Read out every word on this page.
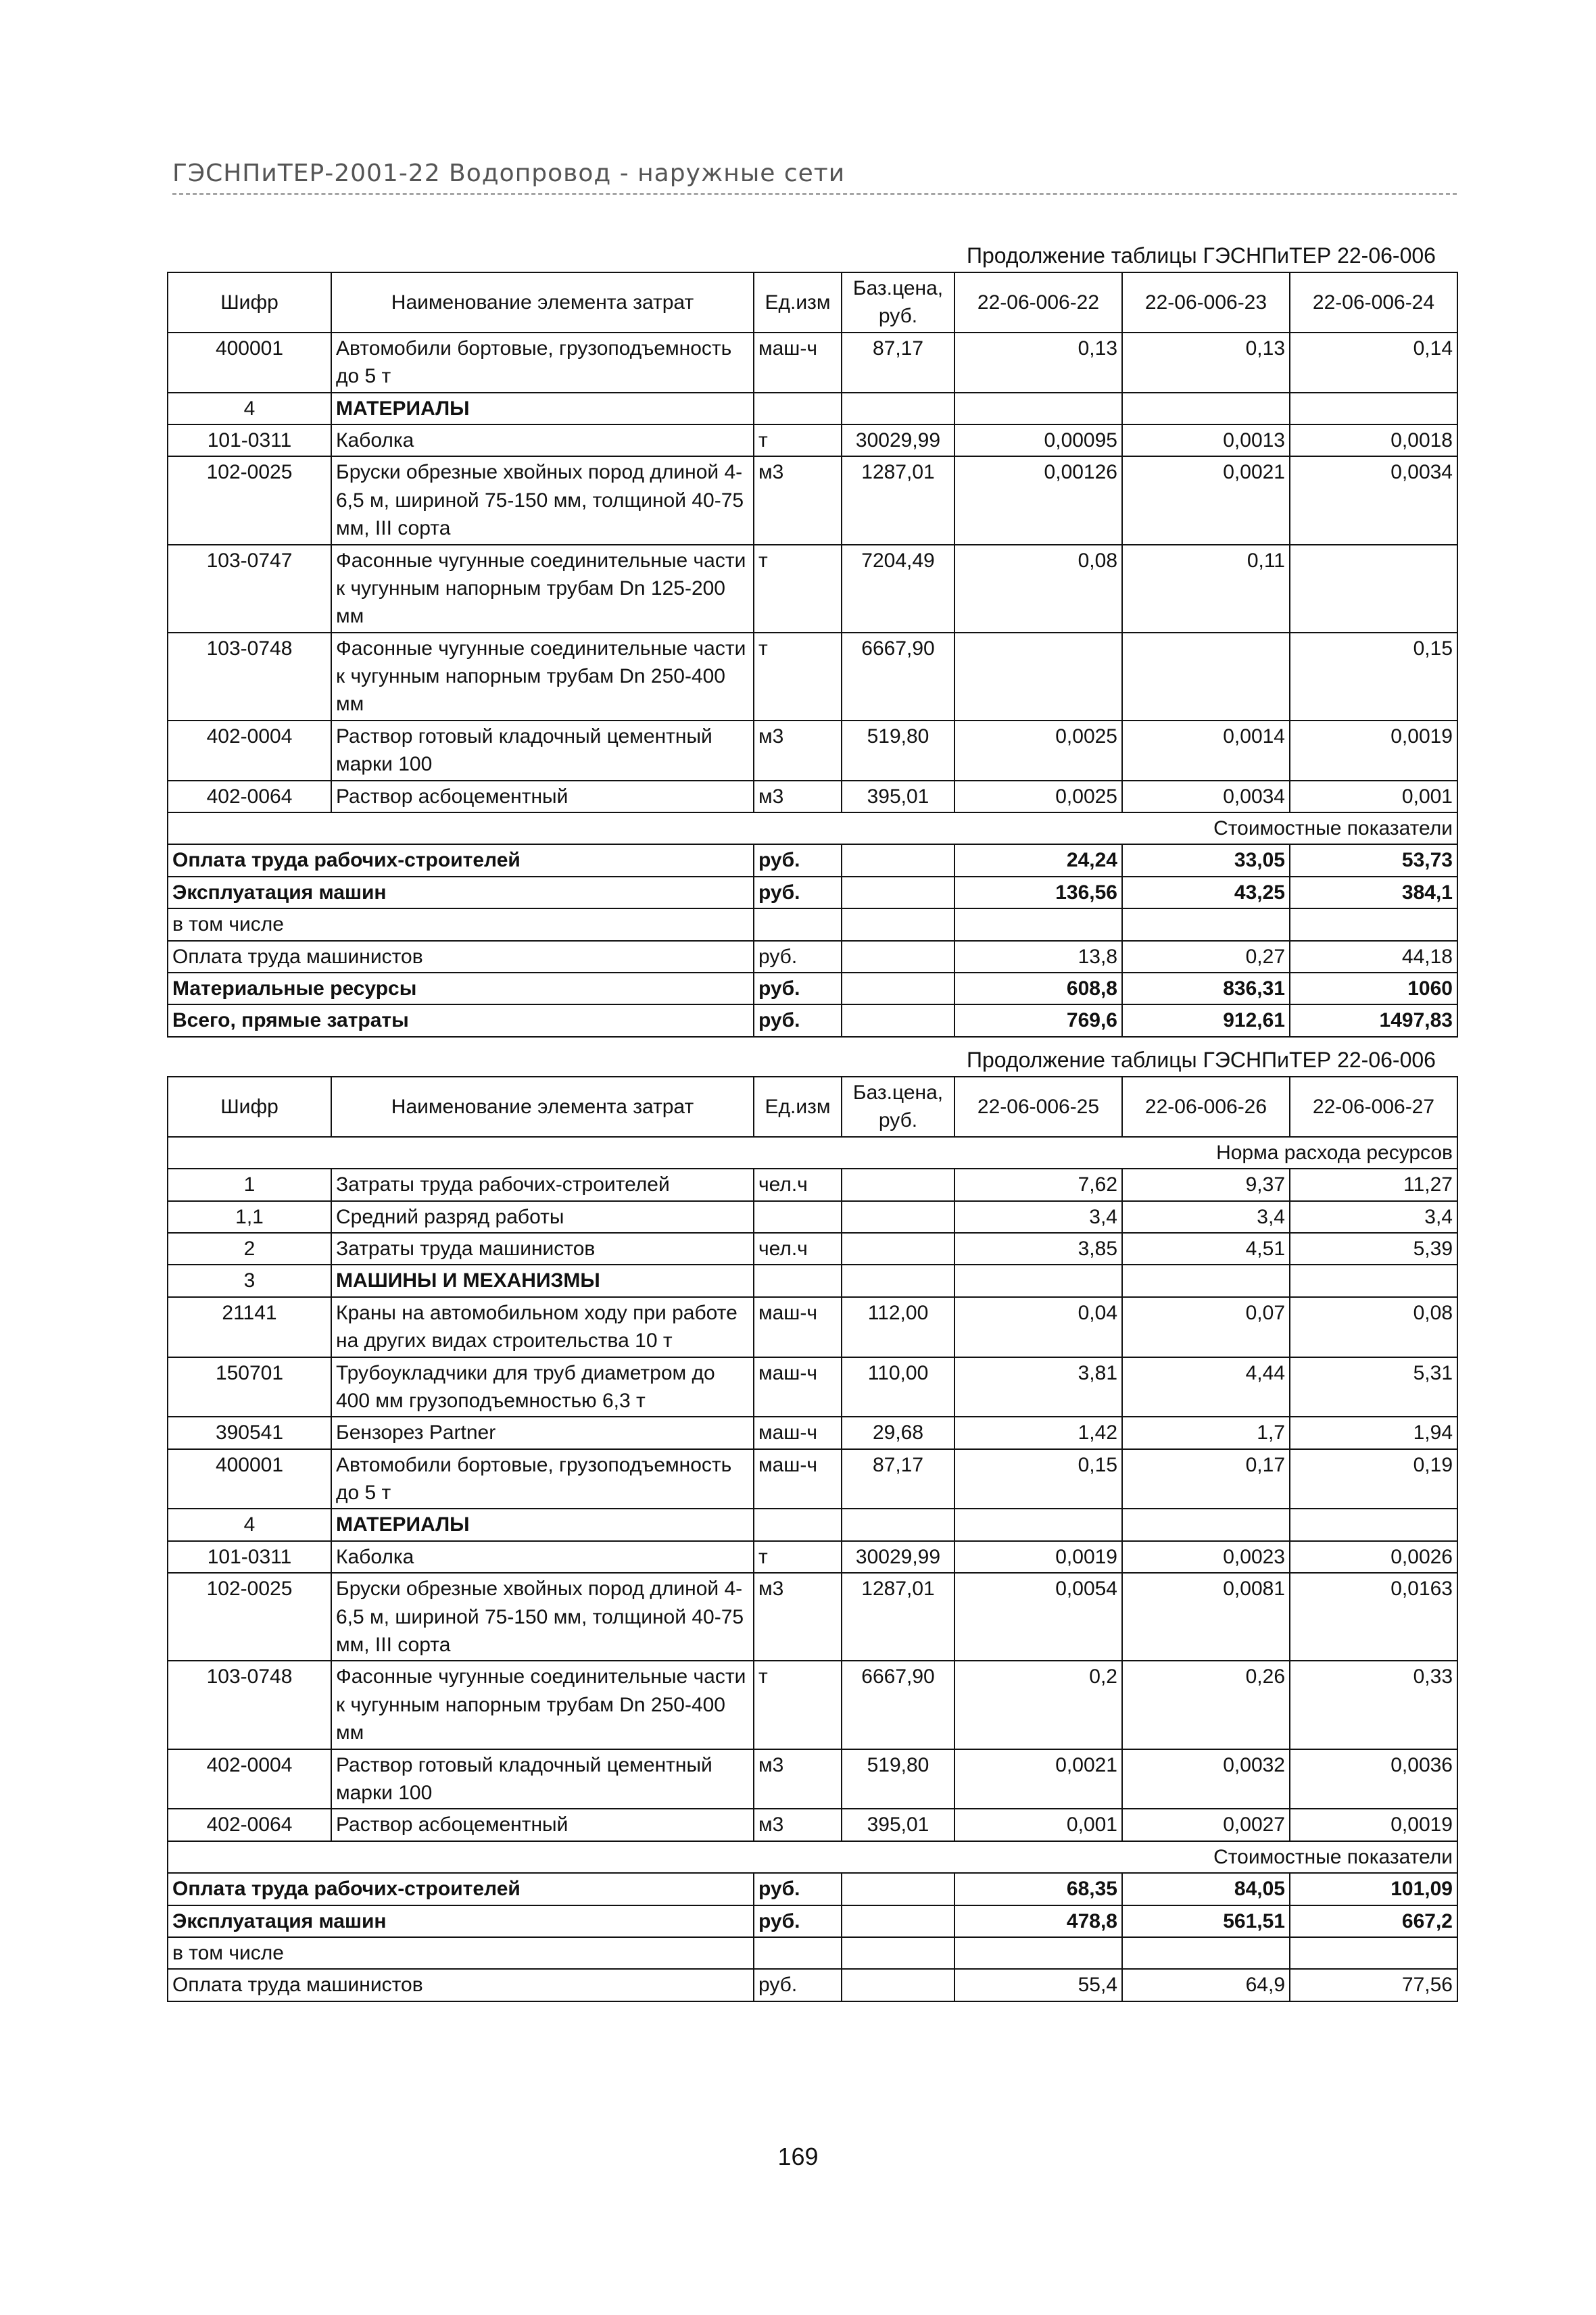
ГЭСНПиТЕР-2001-22 Водопровод - наружные сети
Продолжение таблицы ГЭСНПиТЕР 22-06-006
Шифр	Наименование элемента затрат	Ед.изм	Баз.цена, руб.	22-06-006-22	22-06-006-23	22-06-006-24
400001	Автомобили бортовые, грузоподъемность до 5 т	маш-ч	87,17	0,13	0,13	0,14
4	МАТЕРИАЛЫ					
101-0311	Каболка	т	30029,99	0,00095	0,0013	0,0018
102-0025	Бруски обрезные хвойных пород длиной 4-6,5 м, шириной 75-150 мм, толщиной 40-75 мм, III сорта	м3	1287,01	0,00126	0,0021	0,0034
103-0747	Фасонные чугунные соединительные части к чугунным напорным трубам Dn 125-200 мм	т	7204,49	0,08	0,11	
103-0748	Фасонные чугунные соединительные части к чугунным напорным трубам Dn 250-400 мм	т	6667,90			0,15
402-0004	Раствор готовый кладочный цементный марки 100	м3	519,80	0,0025	0,0014	0,0019
402-0064	Раствор асбоцементный	м3	395,01	0,0025	0,0034	0,001
				Стоимостные показатели		
Оплата труда рабочих-строителей		руб.		24,24	33,05	53,73
Эксплуатация машин		руб.		136,56	43,25	384,1
в том числе						
Оплата труда машинистов		руб.		13,8	0,27	44,18
Материальные ресурсы		руб.		608,8	836,31	1060
Всего, прямые затраты		руб.		769,6	912,61	1497,83
Продолжение таблицы ГЭСНПиТЕР 22-06-006
Шифр	Наименование элемента затрат	Ед.изм	Баз.цена, руб.	22-06-006-25	22-06-006-26	22-06-006-27
				Норма расхода ресурсов		
1	Затраты труда рабочих-строителей	чел.ч		7,62	9,37	11,27
1,1	Средний разряд работы			3,4	3,4	3,4
2	Затраты труда машинистов	чел.ч		3,85	4,51	5,39
3	МАШИНЫ И МЕХАНИЗМЫ					
21141	Краны на автомобильном ходу при работе на других видах строительства 10 т	маш-ч	112,00	0,04	0,07	0,08
150701	Трубоукладчики для труб диаметром до 400 мм грузоподъемностью 6,3 т	маш-ч	110,00	3,81	4,44	5,31
390541	Бензорез Partner	маш-ч	29,68	1,42	1,7	1,94
400001	Автомобили бортовые, грузоподъемность до 5 т	маш-ч	87,17	0,15	0,17	0,19
4	МАТЕРИАЛЫ					
101-0311	Каболка	т	30029,99	0,0019	0,0023	0,0026
102-0025	Бруски обрезные хвойных пород длиной 4-6,5 м, шириной 75-150 мм, толщиной 40-75 мм, III сорта	м3	1287,01	0,0054	0,0081	0,0163
103-0748	Фасонные чугунные соединительные части к чугунным напорным трубам Dn 250-400 мм	т	6667,90	0,2	0,26	0,33
402-0004	Раствор готовый кладочный цементный марки 100	м3	519,80	0,0021	0,0032	0,0036
402-0064	Раствор асбоцементный	м3	395,01	0,001	0,0027	0,0019
				Стоимостные показатели		
Оплата труда рабочих-строителей		руб.		68,35	84,05	101,09
Эксплуатация машин		руб.		478,8	561,51	667,2
в том числе						
Оплата труда машинистов		руб.		55,4	64,9	77,56
169
